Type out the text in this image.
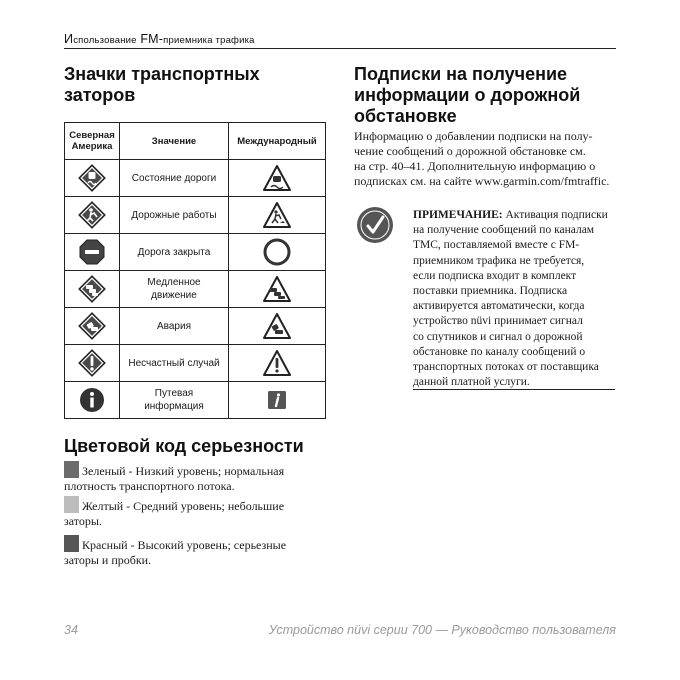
Использование FM-приемника трафика
Значки транспортных
заторов
Северная
Америка	Значение	Международный
	Состояние дороги	
	Дорожные работы	
	Дорога закрыта	

Медленное
движение

	Авария	
	Несчастный случай	

Путевая
информация

Цветовой код серьезности
Зеленый - Низкий уровень; нормальная
плотность транспортного потока.
Желтый - Средний уровень; небольшие
заторы.
Красный - Высокий уровень; серьезные
заторы и пробки.
Подписки на получение
информации о дорожной
обстановке
Информацию о добавлении подписки на полу-
чение сообщений о дорожной обстановке см.
на стр. 40–41. Дополнительную информацию о
подписках см. на сайте www.garmin.com/fmtraffic.
ПРИМЕЧАНИЕ: Активация подписки
на получение сообщений по каналам
TMC, поставляемой вместе с FM-
приемником трафика не требуется,
если подписка входит в комплект
поставки приемника. Подписка
активируется автоматически, когда
устройство nüvi принимает сигнал
со спутников и сигнал о дорожной
обстановке по каналу сообщений о
транспортных потоках от поставщика
данной платной услуги.
34	Устройство nüvi серии 700 — Руководство пользователя
